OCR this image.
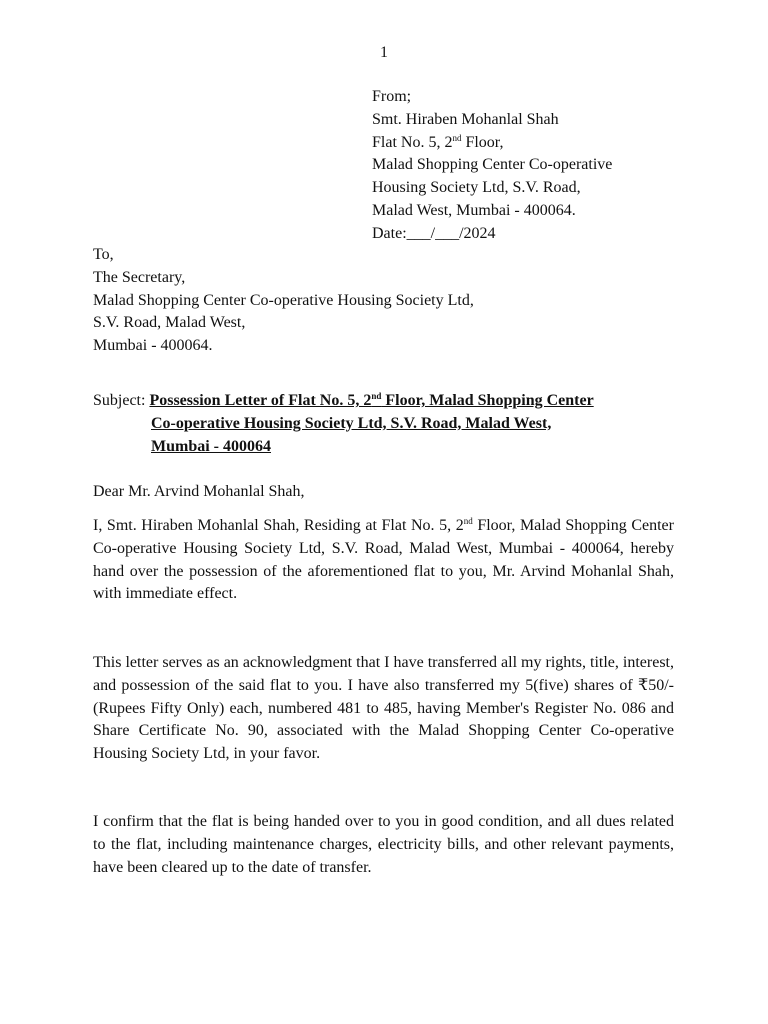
1
From;
Smt. Hiraben Mohanlal Shah
Flat No. 5, 2nd Floor,
Malad Shopping Center Co-operative
Housing Society Ltd, S.V. Road,
Malad West, Mumbai - 400064.
Date:___/___/2024
To,
The Secretary,
Malad Shopping Center Co-operative Housing Society Ltd,
S.V. Road, Malad West,
Mumbai - 400064.
Subject: Possession Letter of Flat No. 5, 2nd Floor, Malad Shopping Center
Co-operative Housing Society Ltd, S.V. Road, Malad West,
Mumbai - 400064
Dear Mr. Arvind Mohanlal Shah,
I, Smt. Hiraben Mohanlal Shah, Residing at Flat No. 5, 2nd Floor, Malad Shopping Center Co-operative Housing Society Ltd, S.V. Road, Malad West, Mumbai - 400064, hereby hand over the possession of the aforementioned flat to you, Mr. Arvind Mohanlal Shah, with immediate effect.
This letter serves as an acknowledgment that I have transferred all my rights, title, interest, and possession of the said flat to you. I have also transferred my 5(five) shares of ₹50/- (Rupees Fifty Only) each, numbered 481 to 485, having Member's Register No. 086 and Share Certificate No. 90, associated with the Malad Shopping Center Co-operative Housing Society Ltd, in your favor.
I confirm that the flat is being handed over to you in good condition, and all dues related to the flat, including maintenance charges, electricity bills, and other relevant payments, have been cleared up to the date of transfer.
